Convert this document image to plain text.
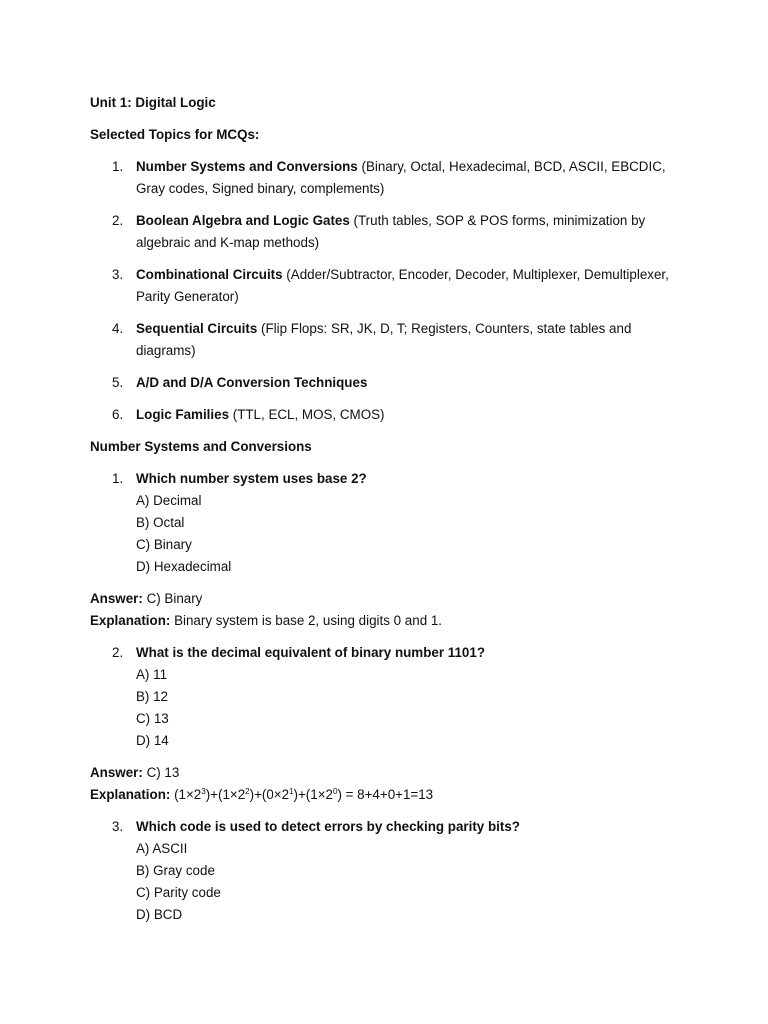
Unit 1: Digital Logic

Selected Topics for MCQs:

1. Number Systems and Conversions (Binary, Octal, Hexadecimal, BCD, ASCII, EBCDIC, Gray codes, Signed binary, complements)
2. Boolean Algebra and Logic Gates (Truth tables, SOP & POS forms, minimization by algebraic and K-map methods)
3. Combinational Circuits (Adder/Subtractor, Encoder, Decoder, Multiplexer, Demultiplexer, Parity Generator)
4. Sequential Circuits (Flip Flops: SR, JK, D, T; Registers, Counters, state tables and diagrams)
5. A/D and D/A Conversion Techniques
6. Logic Families (TTL, ECL, MOS, CMOS)

Number Systems and Conversions

1. Which number system uses base 2?
A) Decimal
B) Octal
C) Binary
D) Hexadecimal

Answer: C) Binary

Explanation: Binary system is base 2, using digits 0 and 1.

2. What is the decimal equivalent of binary number 1101?
A) 11
B) 12
C) 13
D) 14

Answer: C) 13

Explanation: $(1\times 2^3)+(1\times 2^2)+(0\times 2^1)+(1\times 2^0) = 8+4+0+1=13$

3. Which code is used to detect errors by checking parity bits?
A) ASCII
B) Gray code
C) Parity code
D) BCD
